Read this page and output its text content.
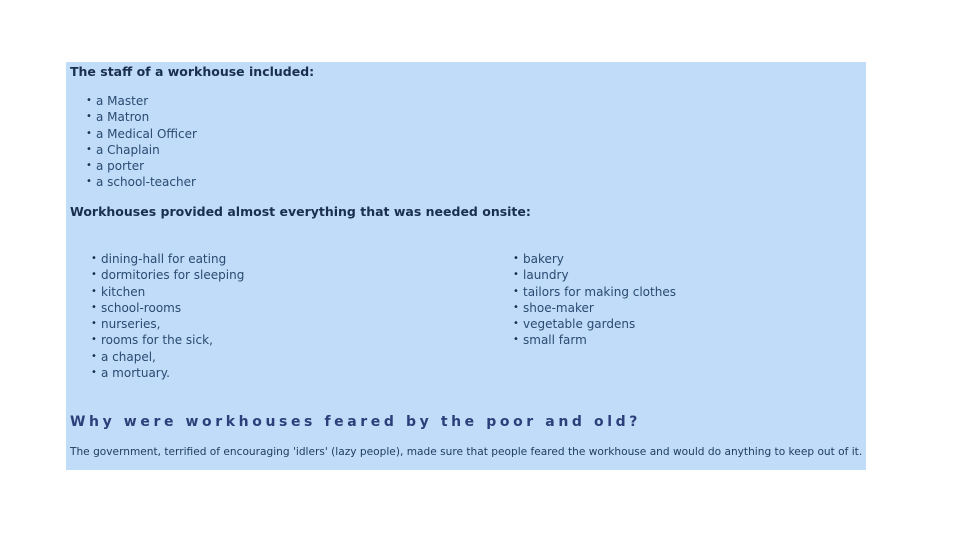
The staff of a workhouse included:
• a Master
• a Matron
• a Medical Officer
• a Chaplain
• a porter
• a school-teacher
Workhouses provided almost everything that was needed onsite:
• dining-hall for eating
• dormitories for sleeping
• kitchen
• school-rooms
• nurseries,
• rooms for the sick,
• a chapel,
• a mortuary.
• bakery
• laundry
• tailors for making clothes
• shoe-maker
• vegetable gardens
• small farm
Why were workhouses feared by the poor and old?
The government, terrified of encouraging 'idlers' (lazy people), made sure that people feared the workhouse and would do anything to keep out of it.
